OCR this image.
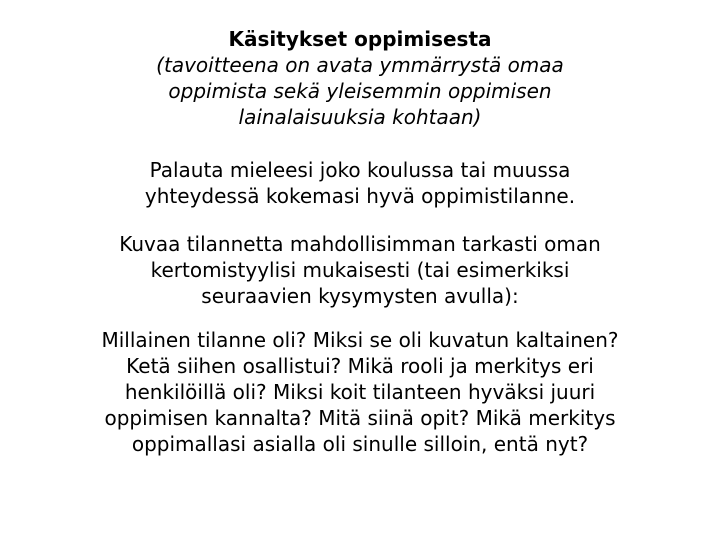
Käsitykset oppimisesta
(tavoitteena on avata ymmärrystä omaa
oppimista sekä yleisemmin oppimisen
lainalaisuuksia kohtaan)
Palauta mieleesi joko koulussa tai muussa
yhteydessä kokemasi hyvä oppimistilanne.
Kuvaa tilannetta mahdollisimman tarkasti oman
kertomistyylisi mukaisesti (tai esimerkiksi
seuraavien kysymysten avulla):
Millainen tilanne oli? Miksi se oli kuvatun kaltainen?
Ketä siihen osallistui? Mikä rooli ja merkitys eri
henkilöillä oli? Miksi koit tilanteen hyväksi juuri
oppimisen kannalta? Mitä siinä opit? Mikä merkitys
oppimallasi asialla oli sinulle silloin, entä nyt?
